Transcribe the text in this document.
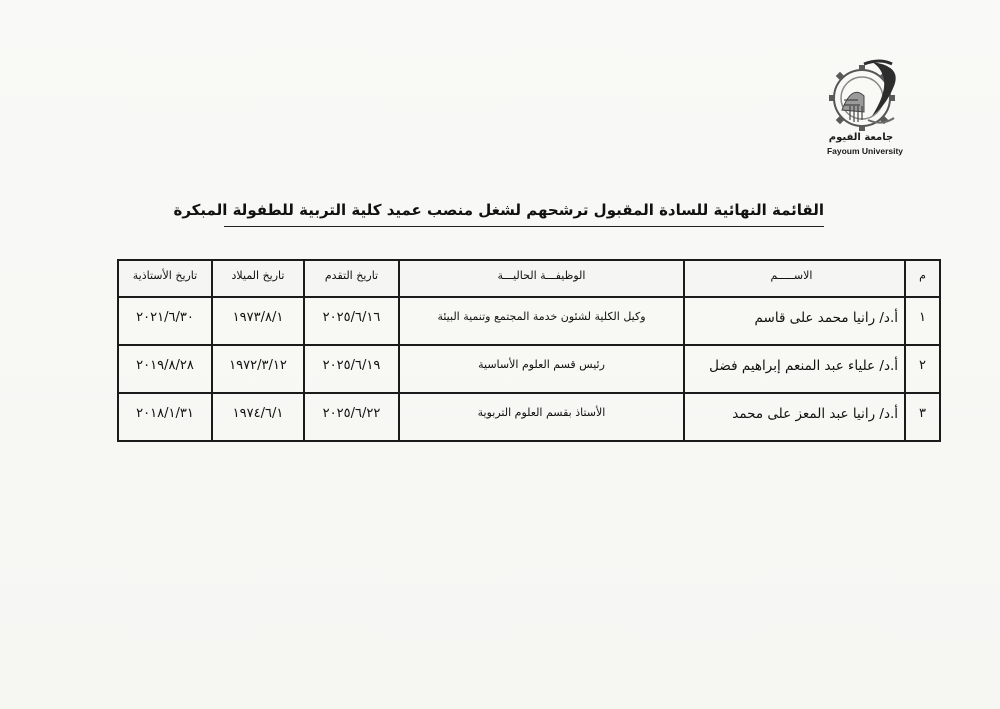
جامعة الفيوم
Fayoum University
القائمة النهائية للسادة المقبول ترشحهم لشغل منصب عميد كلية التربية للطفولة المبكرة
م	الاســـــم	الوظيفـــة الحاليـــة	تاريخ التقدم	تاريخ الميلاد	تاريخ الأستاذية
١	أ.د/ رانيا محمد على قاسم	وكيل الكلية لشئون خدمة المجتمع وتنمية البيئة	٢٠٢٥/٦/١٦	١٩٧٣/٨/١	٢٠٢١/٦/٣٠
٢	أ.د/ علياء عبد المنعم إبراهيم فضل	رئيس قسم العلوم الأساسية	٢٠٢٥/٦/١٩	١٩٧٢/٣/١٢	٢٠١٩/٨/٢٨
٣	أ.د/ رانيا عبد المعز على محمد	الأستاذ بقسم العلوم التربوية	٢٠٢٥/٦/٢٢	١٩٧٤/٦/١	٢٠١٨/١/٣١
